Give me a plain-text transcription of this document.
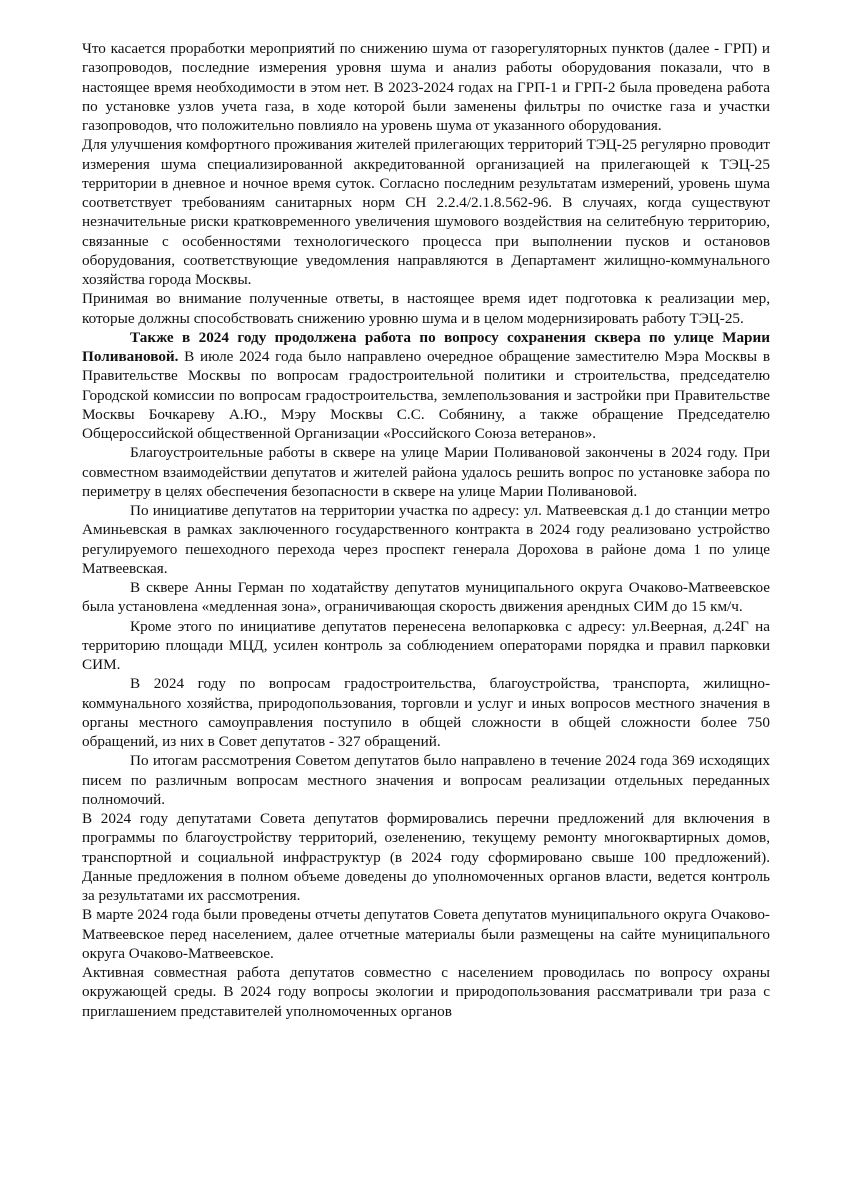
Что касается проработки мероприятий по снижению шума от газорегуляторных пунктов (далее - ГРП) и газопроводов, последние измерения уровня шума и анализ работы оборудования показали, что в настоящее время необходимости в этом нет. В 2023-2024 годах на ГРП-1 и ГРП-2 была проведена работа по установке узлов учета газа, в ходе которой были заменены фильтры по очистке газа и участки газопроводов, что положительно повлияло на уровень шума от указанного оборудования.

Для улучшения комфортного проживания жителей прилегающих территорий ТЭЦ-25 регулярно проводит измерения шума специализированной аккредитованной организацией на прилегающей к ТЭЦ-25 территории в дневное и ночное время суток. Согласно последним результатам измерений, уровень шума соответствует требованиям санитарных норм СН 2.2.4/2.1.8.562-96. В случаях, когда существуют незначительные риски кратковременного увеличения шумового воздействия на селитебную территорию, связанные с особенностями технологического процесса при выполнении пусков и остановов оборудования, соответствующие уведомления направляются в Департамент жилищно-коммунального хозяйства города Москвы.

Принимая во внимание полученные ответы, в настоящее время идет подготовка к реализации мер, которые должны способствовать снижению уровню шума и в целом модернизировать работу ТЭЦ-25.

Также в 2024 году продолжена работа по вопросу сохранения сквера по улице Марии Поливановой. В июле 2024 года было направлено очередное обращение заместителю Мэра Москвы в Правительстве Москвы по вопросам градостроительной политики и строительства, председателю Городской комиссии по вопросам градостроительства, землепользования и застройки при Правительстве Москвы Бочкареву А.Ю., Мэру Москвы С.С. Собянину, а также обращение Председателю Общероссийской общественной Организации «Российского Союза ветеранов».

Благоустроительные работы в сквере на улице Марии Поливановой закончены в 2024 году. При совместном взаимодействии депутатов и жителей района удалось решить вопрос по установке забора по периметру в целях обеспечения безопасности в сквере на улице Марии Поливановой.

По инициативе депутатов на территории участка по адресу: ул. Матвеевская д.1 до станции метро Аминьевская в рамках заключенного государственного контракта в 2024 году реализовано устройство регулируемого пешеходного перехода через проспект генерала Дорохова в районе дома 1 по улице Матвеевская.

В сквере Анны Герман по ходатайству депутатов муниципального округа Очаково-Матвеевское была установлена «медленная зона», ограничивающая скорость движения арендных СИМ до 15 км/ч.

Кроме этого по инициативе депутатов перенесена велопарковка с адресу: ул.Веерная, д.24Г на территорию площади МЦД, усилен контроль за соблюдением операторами порядка и правил парковки СИМ.

В 2024 году по вопросам градостроительства, благоустройства, транспорта, жилищно-коммунального хозяйства, природопользования, торговли и услуг и иных вопросов местного значения в органы местного самоуправления поступило в общей сложности в общей сложности более 750 обращений, из них в Совет депутатов - 327 обращений.

По итогам рассмотрения Советом депутатов было направлено в течение 2024 года 369 исходящих писем по различным вопросам местного значения и вопросам реализации отдельных переданных полномочий.

В 2024 году депутатами Совета депутатов формировались перечни предложений для включения в программы по благоустройству территорий, озеленению, текущему ремонту многоквартирных домов, транспортной и социальной инфраструктур (в 2024 году сформировано свыше 100 предложений). Данные предложения в полном объеме доведены до уполномоченных органов власти, ведется контроль за результатами их рассмотрения.

В марте 2024 года были проведены отчеты депутатов Совета депутатов муниципального округа Очаково-Матвеевское перед населением, далее отчетные материалы были размещены на сайте муниципального округа Очаково-Матвеевское.

Активная совместная работа депутатов совместно с населением проводилась по вопросу охраны окружающей среды. В 2024 году вопросы экологии и природопользования рассматривали три раза с приглашением представителей уполномоченных органов
